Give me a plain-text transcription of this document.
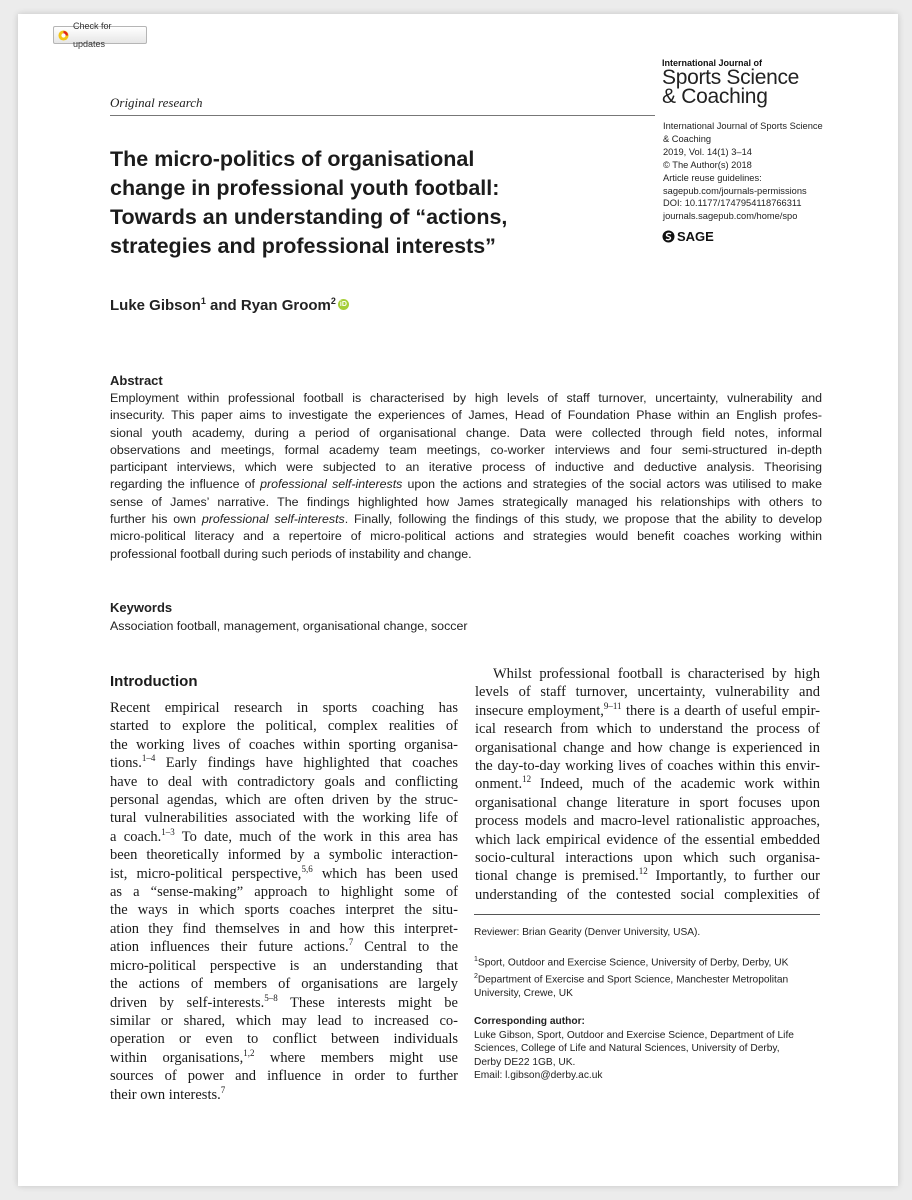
Check for updates
Original research
International Journal of
Sports Science
& Coaching
International Journal of Sports Science
& Coaching
2019, Vol. 14(1) 3–14
© The Author(s) 2018
Article reuse guidelines:
sagepub.com/journals-permissions
DOI: 10.1177/1747954118766311
journals.sagepub.com/home/spo
SAGE
The micro-politics of organisational
change in professional youth football:
Towards an understanding of “actions,
strategies and professional interests”
Luke Gibson$^1$ and Ryan Groom$^2$ iD
Abstract
Employment within professional football is characterised by high levels of staff turnover, uncertainty, vulnerability and
insecurity. This paper aims to investigate the experiences of James, Head of Foundation Phase within an English profes-
sional youth academy, during a period of organisational change. Data were collected through field notes, informal
observations and meetings, formal academy team meetings, co-worker interviews and four semi-structured in-depth
participant interviews, which were subjected to an iterative process of inductive and deductive analysis. Theorising
regarding the influence of professional self-interests upon the actions and strategies of the social actors was utilised to make
sense of James’ narrative. The findings highlighted how James strategically managed his relationships with others to
further his own professional self-interests. Finally, following the findings of this study, we propose that the ability to develop
micro-political literacy and a repertoire of micro-political actions and strategies would benefit coaches working within
professional football during such periods of instability and change.
Keywords
Association football, management, organisational change, soccer
Introduction
Recent empirical research in sports coaching has
started to explore the political, complex realities of
the working lives of coaches within sporting organisa-
tions.$^{1-4}$ Early findings have highlighted that coaches
have to deal with contradictory goals and conflicting
personal agendas, which are often driven by the struc-
tural vulnerabilities associated with the working life of
a coach.$^{1-3}$ To date, much of the work in this area has
been theoretically informed by a symbolic interaction-
ist, micro-political perspective,$^{5,6}$ which has been used
as a “sense-making” approach to highlight some of
the ways in which sports coaches interpret the situ-
ation they find themselves in and how this interpret-
ation influences their future actions.$^7$ Central to the
micro-political perspective is an understanding that
the actions of members of organisations are largely
driven by self-interests.$^{5-8}$ These interests might be
similar or shared, which may lead to increased co-
operation or even to conflict between individuals
within organisations,$^{1,2}$ where members might use
sources of power and influence in order to further
their own interests.$^7$
Whilst professional football is characterised by high
levels of staff turnover, uncertainty, vulnerability and
insecure employment,$^{9-11}$ there is a dearth of useful empir-
ical research from which to understand the process of
organisational change and how change is experienced in
the day-to-day working lives of coaches within this envir-
onment.$^{12}$ Indeed, much of the academic work within
organisational change literature in sport focuses upon
process models and macro-level rationalistic approaches,
which lack empirical evidence of the essential embedded
socio-cultural interactions upon which such organisa-
tional change is premised.$^{12}$ Importantly, to further our
understanding of the contested social complexities of
Reviewer: Brian Gearity (Denver University, USA).
$^1$Sport, Outdoor and Exercise Science, University of Derby, Derby, UK
$^2$Department of Exercise and Sport Science, Manchester Metropolitan
University, Crewe, UK
Corresponding author:
Luke Gibson, Sport, Outdoor and Exercise Science, Department of Life
Sciences, College of Life and Natural Sciences, University of Derby,
Derby DE22 1GB, UK.
Email: l.gibson@derby.ac.uk
